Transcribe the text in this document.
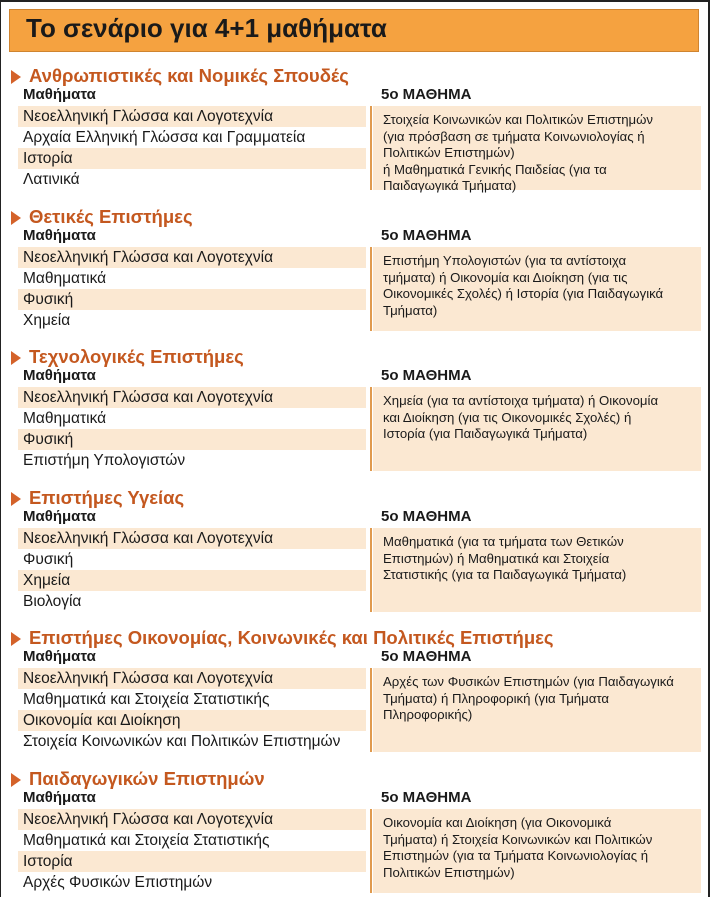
Το σενάριο για 4+1 μαθήματα
Ανθρωπιστικές και Νομικές Σπουδές
Μαθήματα	5ο ΜΑΘΗΜΑ
Νεοελληνική Γλώσσα και Λογοτεχνία
Αρχαία Ελληνική Γλώσσα και Γραμματεία
Ιστορία
Λατινικά

Στοιχεία Κοινωνικών και Πολιτικών Επιστημών
(για πρόσβαση σε τμήματα Κοινωνιολογίας ή
Πολιτικών Επιστημών)
ή Μαθηματικά Γενικής Παιδείας (για τα
Παιδαγωγικά Τμήματα)

Θετικές Επιστήμες
Μαθήματα	5ο ΜΑΘΗΜΑ
Νεοελληνική Γλώσσα και Λογοτεχνία
Μαθηματικά
Φυσική
Χημεία

Επιστήμη Υπολογιστών (για τα αντίστοιχα
τμήματα) ή Οικονομία και Διοίκηση (για τις
Οικονομικές Σχολές) ή Ιστορία (για Παιδαγωγικά
Τμήματα)

Τεχνολογικές Επιστήμες
Μαθήματα	5ο ΜΑΘΗΜΑ
Νεοελληνική Γλώσσα και Λογοτεχνία
Μαθηματικά
Φυσική
Επιστήμη Υπολογιστών

Χημεία (για τα αντίστοιχα τμήματα) ή Οικονομία
και Διοίκηση (για τις Οικονομικές Σχολές) ή
Ιστορία (για Παιδαγωγικά Τμήματα)

Επιστήμες Υγείας
Μαθήματα	5ο ΜΑΘΗΜΑ
Νεοελληνική Γλώσσα και Λογοτεχνία
Φυσική
Χημεία
Βιολογία

Μαθηματικά (για τα τμήματα των Θετικών
Επιστημών) ή Μαθηματικά και Στοιχεία
Στατιστικής (για τα Παιδαγωγικά Τμήματα)

Επιστήμες Οικονομίας, Κοινωνικές και Πολιτικές Επιστήμες
Μαθήματα	5ο ΜΑΘΗΜΑ
Νεοελληνική Γλώσσα και Λογοτεχνία
Μαθηματικά και Στοιχεία Στατιστικής
Οικονομία και Διοίκηση
Στοιχεία Κοινωνικών και Πολιτικών Επιστημών

Αρχές των Φυσικών Επιστημών (για Παιδαγωγικά
Τμήματα) ή Πληροφορική (για Τμήματα
Πληροφορικής)

Παιδαγωγικών Επιστημών
Μαθήματα	5ο ΜΑΘΗΜΑ
Νεοελληνική Γλώσσα και Λογοτεχνία
Μαθηματικά και Στοιχεία Στατιστικής
Ιστορία
Αρχές Φυσικών Επιστημών

Οικονομία και Διοίκηση (για Οικονομικά
Τμήματα) ή Στοιχεία Κοινωνικών και Πολιτικών
Επιστημών (για τα Τμήματα Κοινωνιολογίας ή
Πολιτικών Επιστημών)
